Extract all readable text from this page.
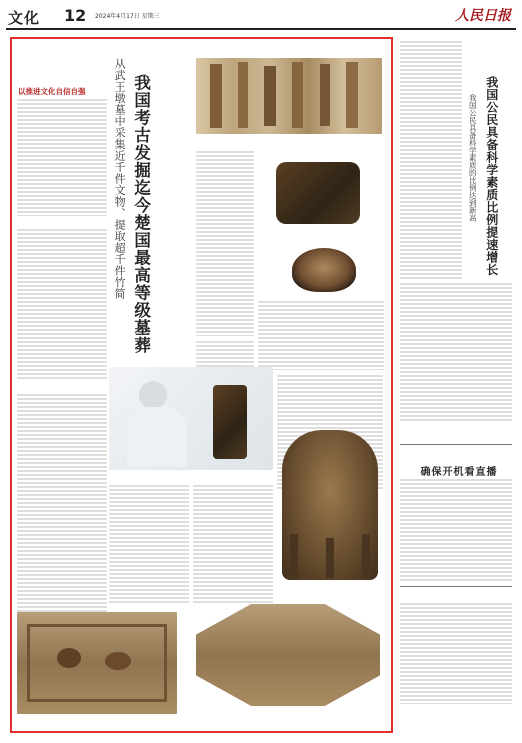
文化 12 2024年4月17日 星期三	人民日报
以推进文化自信自强	从武王墩墓中采集近千件文物、提取超千件竹简 我国考古发掘迄今楚国最高等级墓葬	我国公民具备科学素质的比例达到新高 我国公民具备科学素质比例提速增长
确保开机看直播
